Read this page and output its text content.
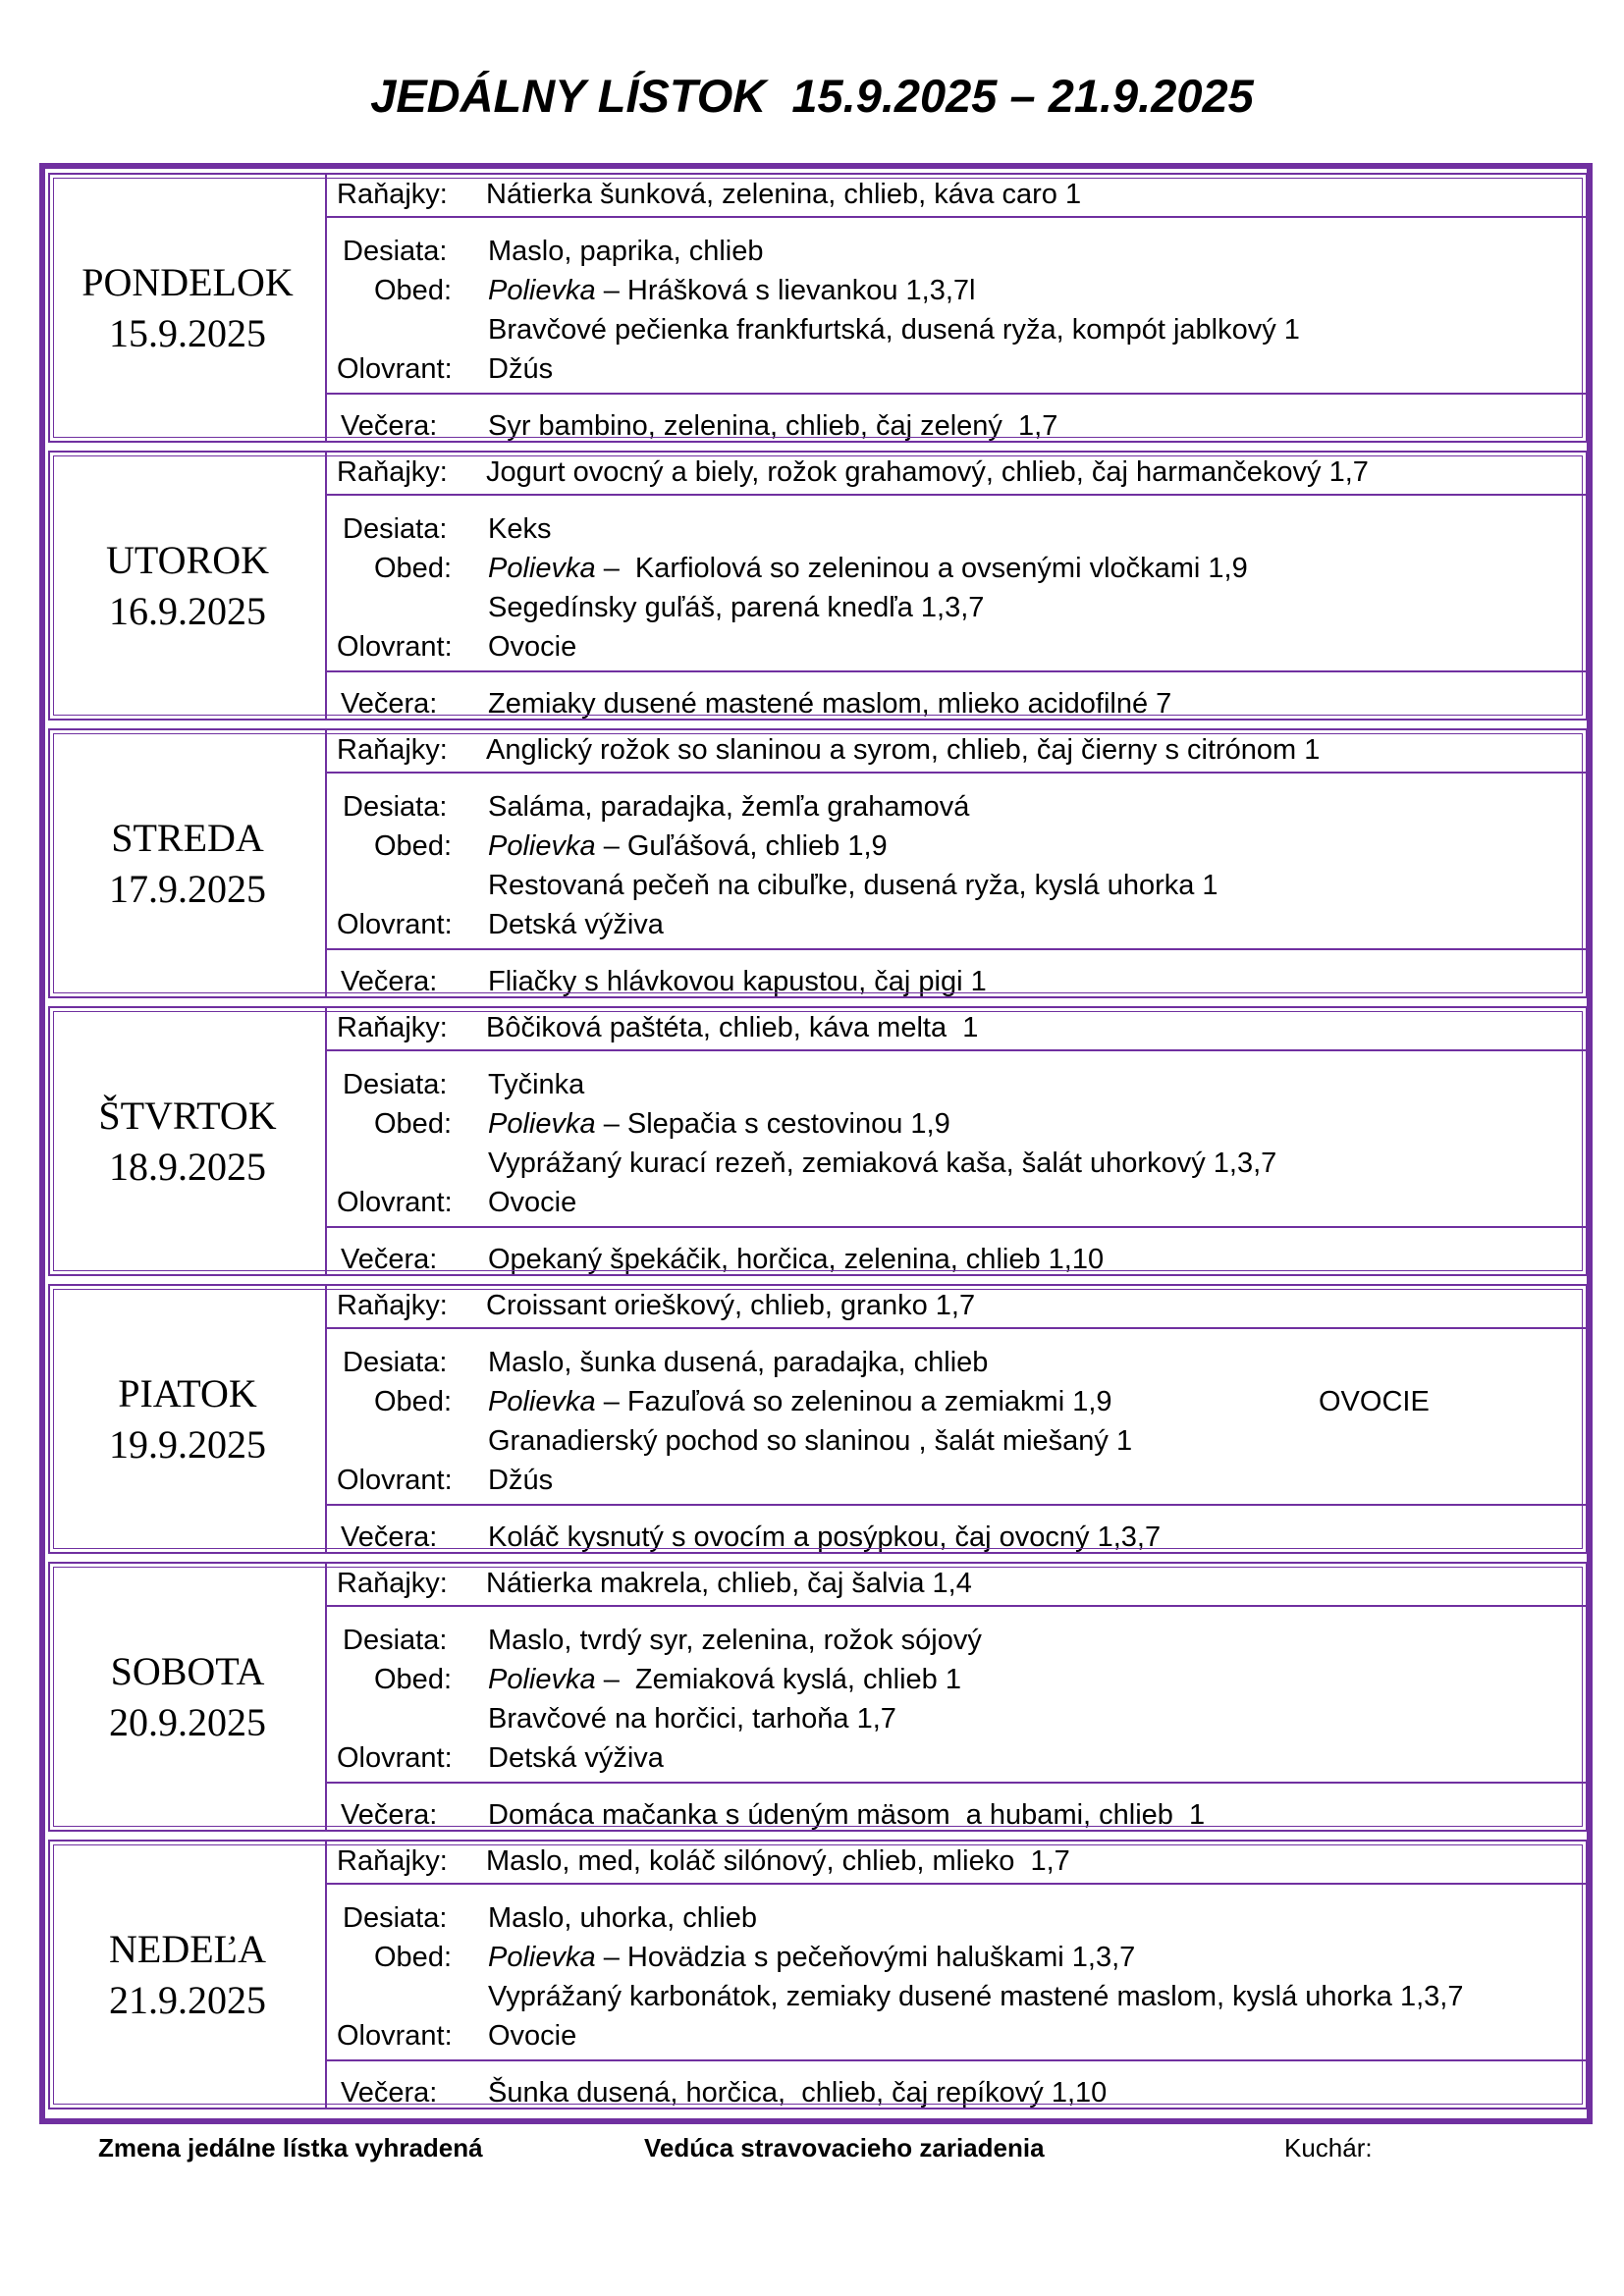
JEDÁLNY LÍSTOK  15.9.2025 – 21.9.2025
PONDELOK
15.9.2025
Raňajky: Nátierka šunková, zelenina, chlieb, káva caro 1
Desiata: Maslo, paprika, chlieb
Obed: Polievka – Hrášková s lievankou 1,3,7l
Bravčové pečienka frankfurtská, dusená ryža, kompót jablkový 1
Olovrant: Džús
Večera: Syr bambino, zelenina, chlieb, čaj zelený  1,7
UTOROK
16.9.2025
Raňajky: Jogurt ovocný a biely, rožok grahamový, chlieb, čaj harmančekový 1,7
Desiata: Keks
Obed: Polievka –  Karfiolová so zeleninou a ovsenými vločkami 1,9
Segedínsky guľáš, parená knedľa 1,3,7
Olovrant: Ovocie
Večera: Zemiaky dusené mastené maslom, mlieko acidofilné 7
STREDA
17.9.2025
Raňajky: Anglický rožok so slaninou a syrom, chlieb, čaj čierny s citrónom 1
Desiata: Saláma, paradajka, žemľa grahamová
Obed: Polievka – Guľášová, chlieb 1,9
Restovaná pečeň na cibuľke, dusená ryža, kyslá uhorka 1
Olovrant: Detská výživa
Večera: Fliačky s hlávkovou kapustou, čaj pigi 1
ŠTVRTOK
18.9.2025
Raňajky: Bôčiková paštéta, chlieb, káva melta  1
Desiata: Tyčinka
Obed: Polievka – Slepačia s cestovinou 1,9
Vyprážaný kurací rezeň, zemiaková kaša, šalát uhorkový 1,3,7
Olovrant: Ovocie
Večera: Opekaný špekáčik, horčica, zelenina, chlieb 1,10
PIATOK
19.9.2025
Raňajky: Croissant orieškový, chlieb, granko 1,7
Desiata: Maslo, šunka dusená, paradajka, chlieb
Obed: Polievka – Fazuľová so zeleninou a zemiakmi 1,9	OVOCIE
Granadierský pochod so slaninou , šalát miešaný 1
Olovrant: Džús
Večera: Koláč kysnutý s ovocím a posýpkou, čaj ovocný 1,3,7
SOBOTA
20.9.2025
Raňajky: Nátierka makrela, chlieb, čaj šalvia 1,4
Desiata: Maslo, tvrdý syr, zelenina, rožok sójový
Obed: Polievka –  Zemiaková kyslá, chlieb 1
Bravčové na horčici, tarhoňa 1,7
Olovrant: Detská výživa
Večera: Domáca mačanka s údeným mäsom  a hubami, chlieb  1
NEDEĽA
21.9.2025
Raňajky: Maslo, med, koláč silónový, chlieb, mlieko  1,7
Desiata: Maslo, uhorka, chlieb
Obed: Polievka – Hovädzia s pečeňovými haluškami 1,3,7
Vyprážaný karbonátok, zemiaky dusené mastené maslom, kyslá uhorka 1,3,7
Olovrant: Ovocie
Večera: Šunka dusená, horčica,  chlieb, čaj repíkový 1,10
Zmena jedálne lístka vyhradená	Vedúca stravovacieho zariadenia	Kuchár:
